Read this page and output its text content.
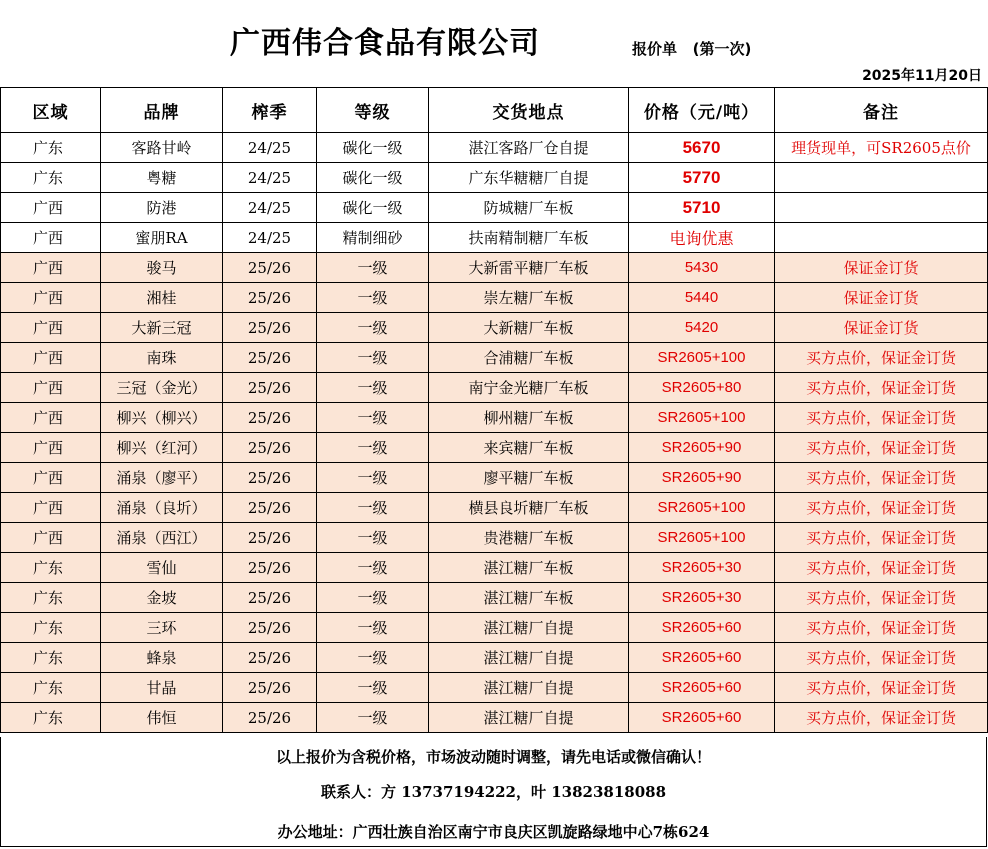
广西伟合食品有限公司	报价单   (第一次)
2025年11月20日
区域	品牌	榨季	等级	交货地点	价格（元/吨）	备注
广东	客路甘岭	24/25	碳化一级	湛江客路厂仓自提	5670	理货现单，可SR2605点价
广东	粤糖	24/25	碳化一级	广东华糖糖厂自提	5770	
广西	防港	24/25	碳化一级	防城糖厂车板	5710	
广西	蜜朋RA	24/25	精制细砂	扶南精制糖厂车板	电询优惠	
广西	骏马	25/26	一级	大新雷平糖厂车板	5430	保证金订货
广西	湘桂	25/26	一级	崇左糖厂车板	5440	保证金订货
广西	大新三冠	25/26	一级	大新糖厂车板	5420	保证金订货
广西	南珠	25/26	一级	合浦糖厂车板	SR2605+100	买方点价，保证金订货
广西	三冠（金光）	25/26	一级	南宁金光糖厂车板	SR2605+80	买方点价，保证金订货
广西	柳兴（柳兴）	25/26	一级	柳州糖厂车板	SR2605+100	买方点价，保证金订货
广西	柳兴（红河）	25/26	一级	来宾糖厂车板	SR2605+90	买方点价，保证金订货
广西	涌泉（廖平）	25/26	一级	廖平糖厂车板	SR2605+90	买方点价，保证金订货
广西	涌泉（良圻）	25/26	一级	横县良圻糖厂车板	SR2605+100	买方点价，保证金订货
广西	涌泉（西江）	25/26	一级	贵港糖厂车板	SR2605+100	买方点价，保证金订货
广东	雪仙	25/26	一级	湛江糖厂车板	SR2605+30	买方点价，保证金订货
广东	金坡	25/26	一级	湛江糖厂车板	SR2605+30	买方点价，保证金订货
广东	三环	25/26	一级	湛江糖厂自提	SR2605+60	买方点价，保证金订货
广东	蜂泉	25/26	一级	湛江糖厂自提	SR2605+60	买方点价，保证金订货
广东	甘晶	25/26	一级	湛江糖厂自提	SR2605+60	买方点价，保证金订货
广东	伟恒	25/26	一级	湛江糖厂自提	SR2605+60	买方点价，保证金订货
以上报价为含税价格，市场波动随时调整，请先电话或微信确认！
联系人：方 13737194222，叶 13823818088
办公地址：广西壮族自治区南宁市良庆区凯旋路绿地中心7栋624
